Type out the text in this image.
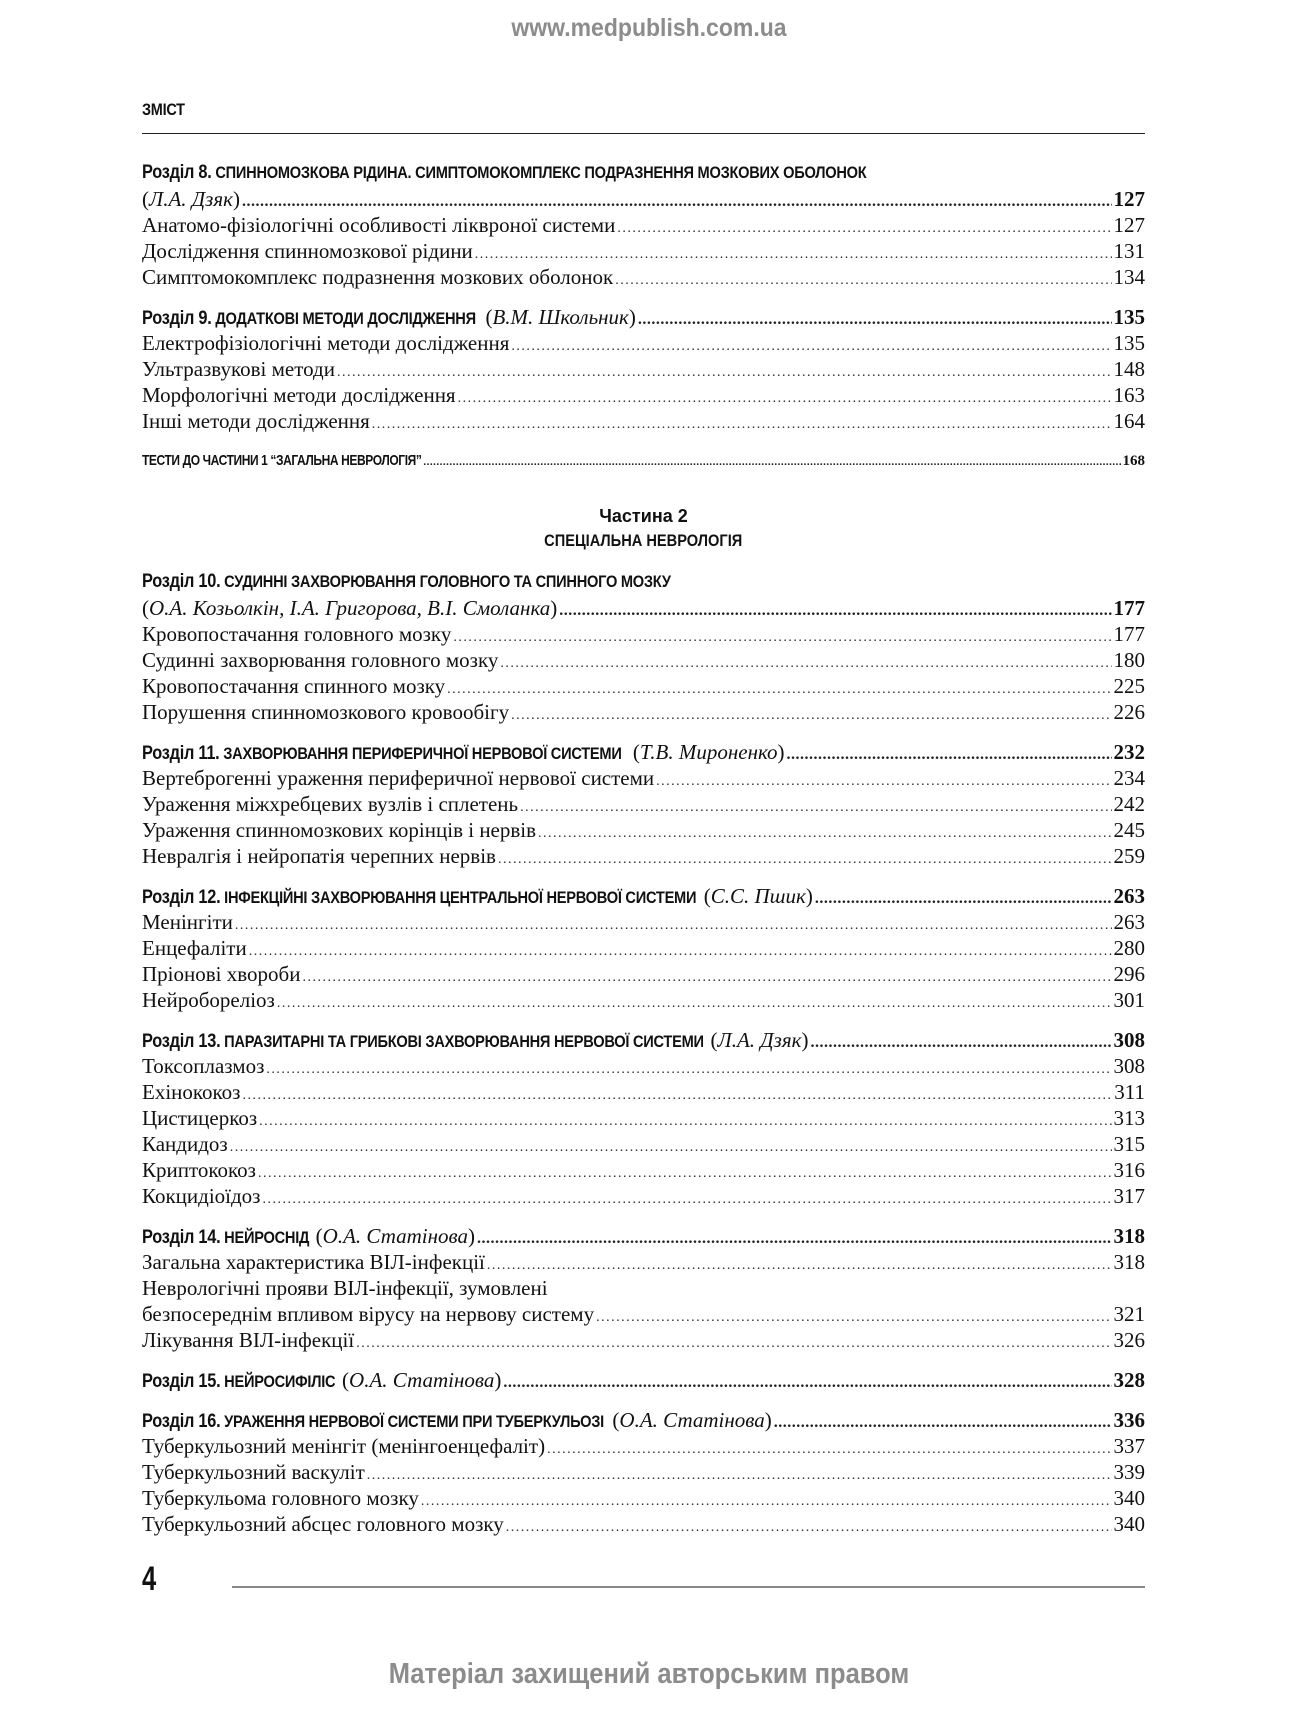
www.medpublish.com.ua
ЗМІСТ
Розділ 8. СПИННОМОЗКОВА РІДИНА. СИМПТОМОКОМПЛЕКС ПОДРАЗНЕННЯ МОЗКОВИХ ОБОЛОНОК
(Л.А. Дзяк) .....	127
Анатомо-фізіологічні особливості ліквроної системи .....	127
Дослідження спинномозкової рідини .....	131
Симптомокомплекс подразнення мозкових оболонок .....	134
Розділ 9. ДОДАТКОВІ МЕТОДИ ДОСЛІДЖЕННЯ (В.М. Школьник) .....	135
Електрофізіологічні методи дослідження .....	135
Ультразвукові методи .....	148
Морфологічні методи дослідження .....	163
Інші методи дослідження .....	164
ТЕСТИ ДО ЧАСТИНИ 1 “ЗАГАЛЬНА НЕВРОЛОГІЯ” .....	168
Частина 2
СПЕЦІАЛЬНА НЕВРОЛОГІЯ
Розділ 10. СУДИННІ ЗАХВОРЮВАННЯ ГОЛОВНОГО ТА СПИННОГО МОЗКУ
(О.А. Козьолкін, І.А. Григорова, В.І. Смоланка) .....	177
Кровопостачання головного мозку .....	177
Судинні захворювання головного мозку .....	180
Кровопостачання спинного мозку .....	225
Порушення спинномозкового кровообігу .....	226
Розділ 11. ЗАХВОРЮВАННЯ ПЕРИФЕРИЧНОЇ НЕРВОВОЇ СИСТЕМИ (Т.В. Мироненко) .....	232
Вертеброгенні ураження периферичної нервової системи .....	234
Ураження міжхребцевих вузлів і сплетень .....	242
Ураження спинномозкових корінців і нервів .....	245
Невралгія і нейропатія черепних нервів .....	259
Розділ 12. ІНФЕКЦІЙНІ ЗАХВОРЮВАННЯ ЦЕНТРАЛЬНОЇ НЕРВОВОЇ СИСТЕМИ (С.С. Пшик) .....	263
Менінгіти .....	263
Енцефаліти .....	280
Пріонові хвороби .....	296
Нейробореліоз .....	301
Розділ 13. ПАРАЗИТАРНІ ТА ГРИБКОВІ ЗАХВОРЮВАННЯ НЕРВОВОЇ СИСТЕМИ (Л.А. Дзяк) .....	308
Токсоплазмоз .....	308
Ехінококоз .....	311
Цистицеркоз .....	313
Кандидоз .....	315
Криптококоз .....	316
Кокцидіоїдоз .....	317
Розділ 14. НЕЙРОСНІД (О.А. Статінова) .....	318
Загальна характеристика ВІЛ-інфекції .....	318
Неврологічні прояви ВІЛ-інфекції, зумовлені
безпосереднім впливом вірусу на нервову систему .....	321
Лікування ВІЛ-інфекції .....	326
Розділ 15. НЕЙРОСИФІЛІС (О.А. Статінова) .....	328
Розділ 16. УРАЖЕННЯ НЕРВОВОЇ СИСТЕМИ ПРИ ТУБЕРКУЛЬОЗІ (О.А. Статінова) .....	336
Туберкульозний менінгіт (менінгоенцефаліт) .....	337
Туберкульозний васкуліт .....	339
Туберкульома головного мозку .....	340
Туберкульозний абсцес головного мозку .....	340
4
Матеріал захищений авторським правом
